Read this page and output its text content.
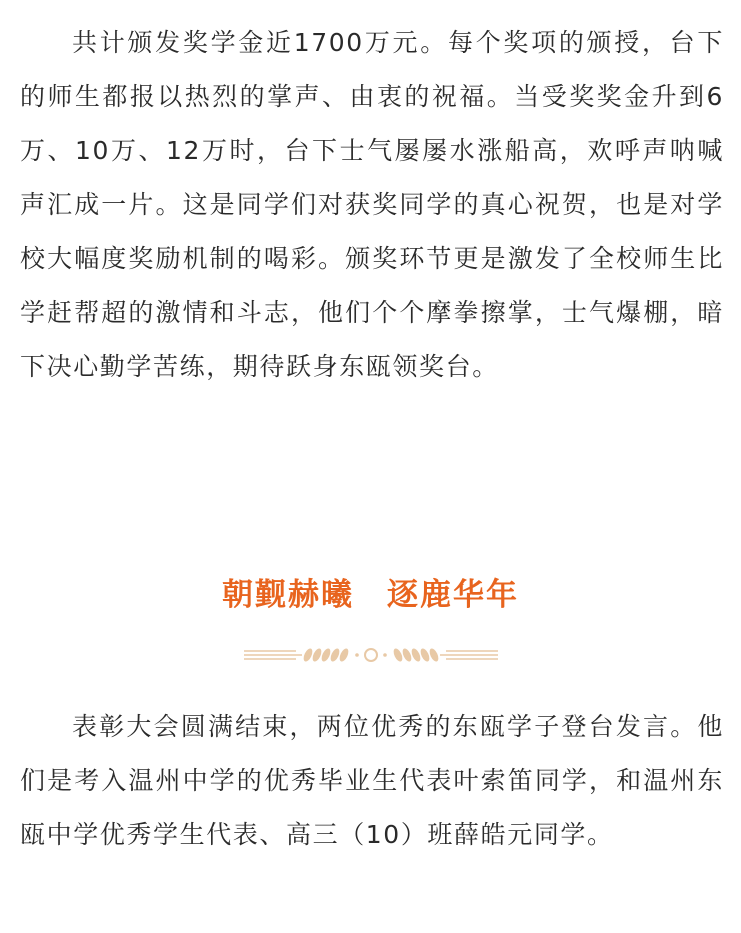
共计颁发奖学金近1700万元。每个奖项的颁授，台下的师生都报以热烈的掌声、由衷的祝福。当受奖奖金升到6万、10万、12万时，台下士气屡屡水涨船高，欢呼声呐喊声汇成一片。这是同学们对获奖同学的真心祝贺，也是对学校大幅度奖励机制的喝彩。颁奖环节更是激发了全校师生比学赶帮超的激情和斗志，他们个个摩拳擦掌，士气爆棚，暗下决心勤学苦练，期待跃身东瓯领奖台。

朝觐赫曦　逐鹿华年

表彰大会圆满结束，两位优秀的东瓯学子登台发言。他们是考入温州中学的优秀毕业生代表叶索笛同学，和温州东瓯中学优秀学生代表、高三（10）班薛皓元同学。
